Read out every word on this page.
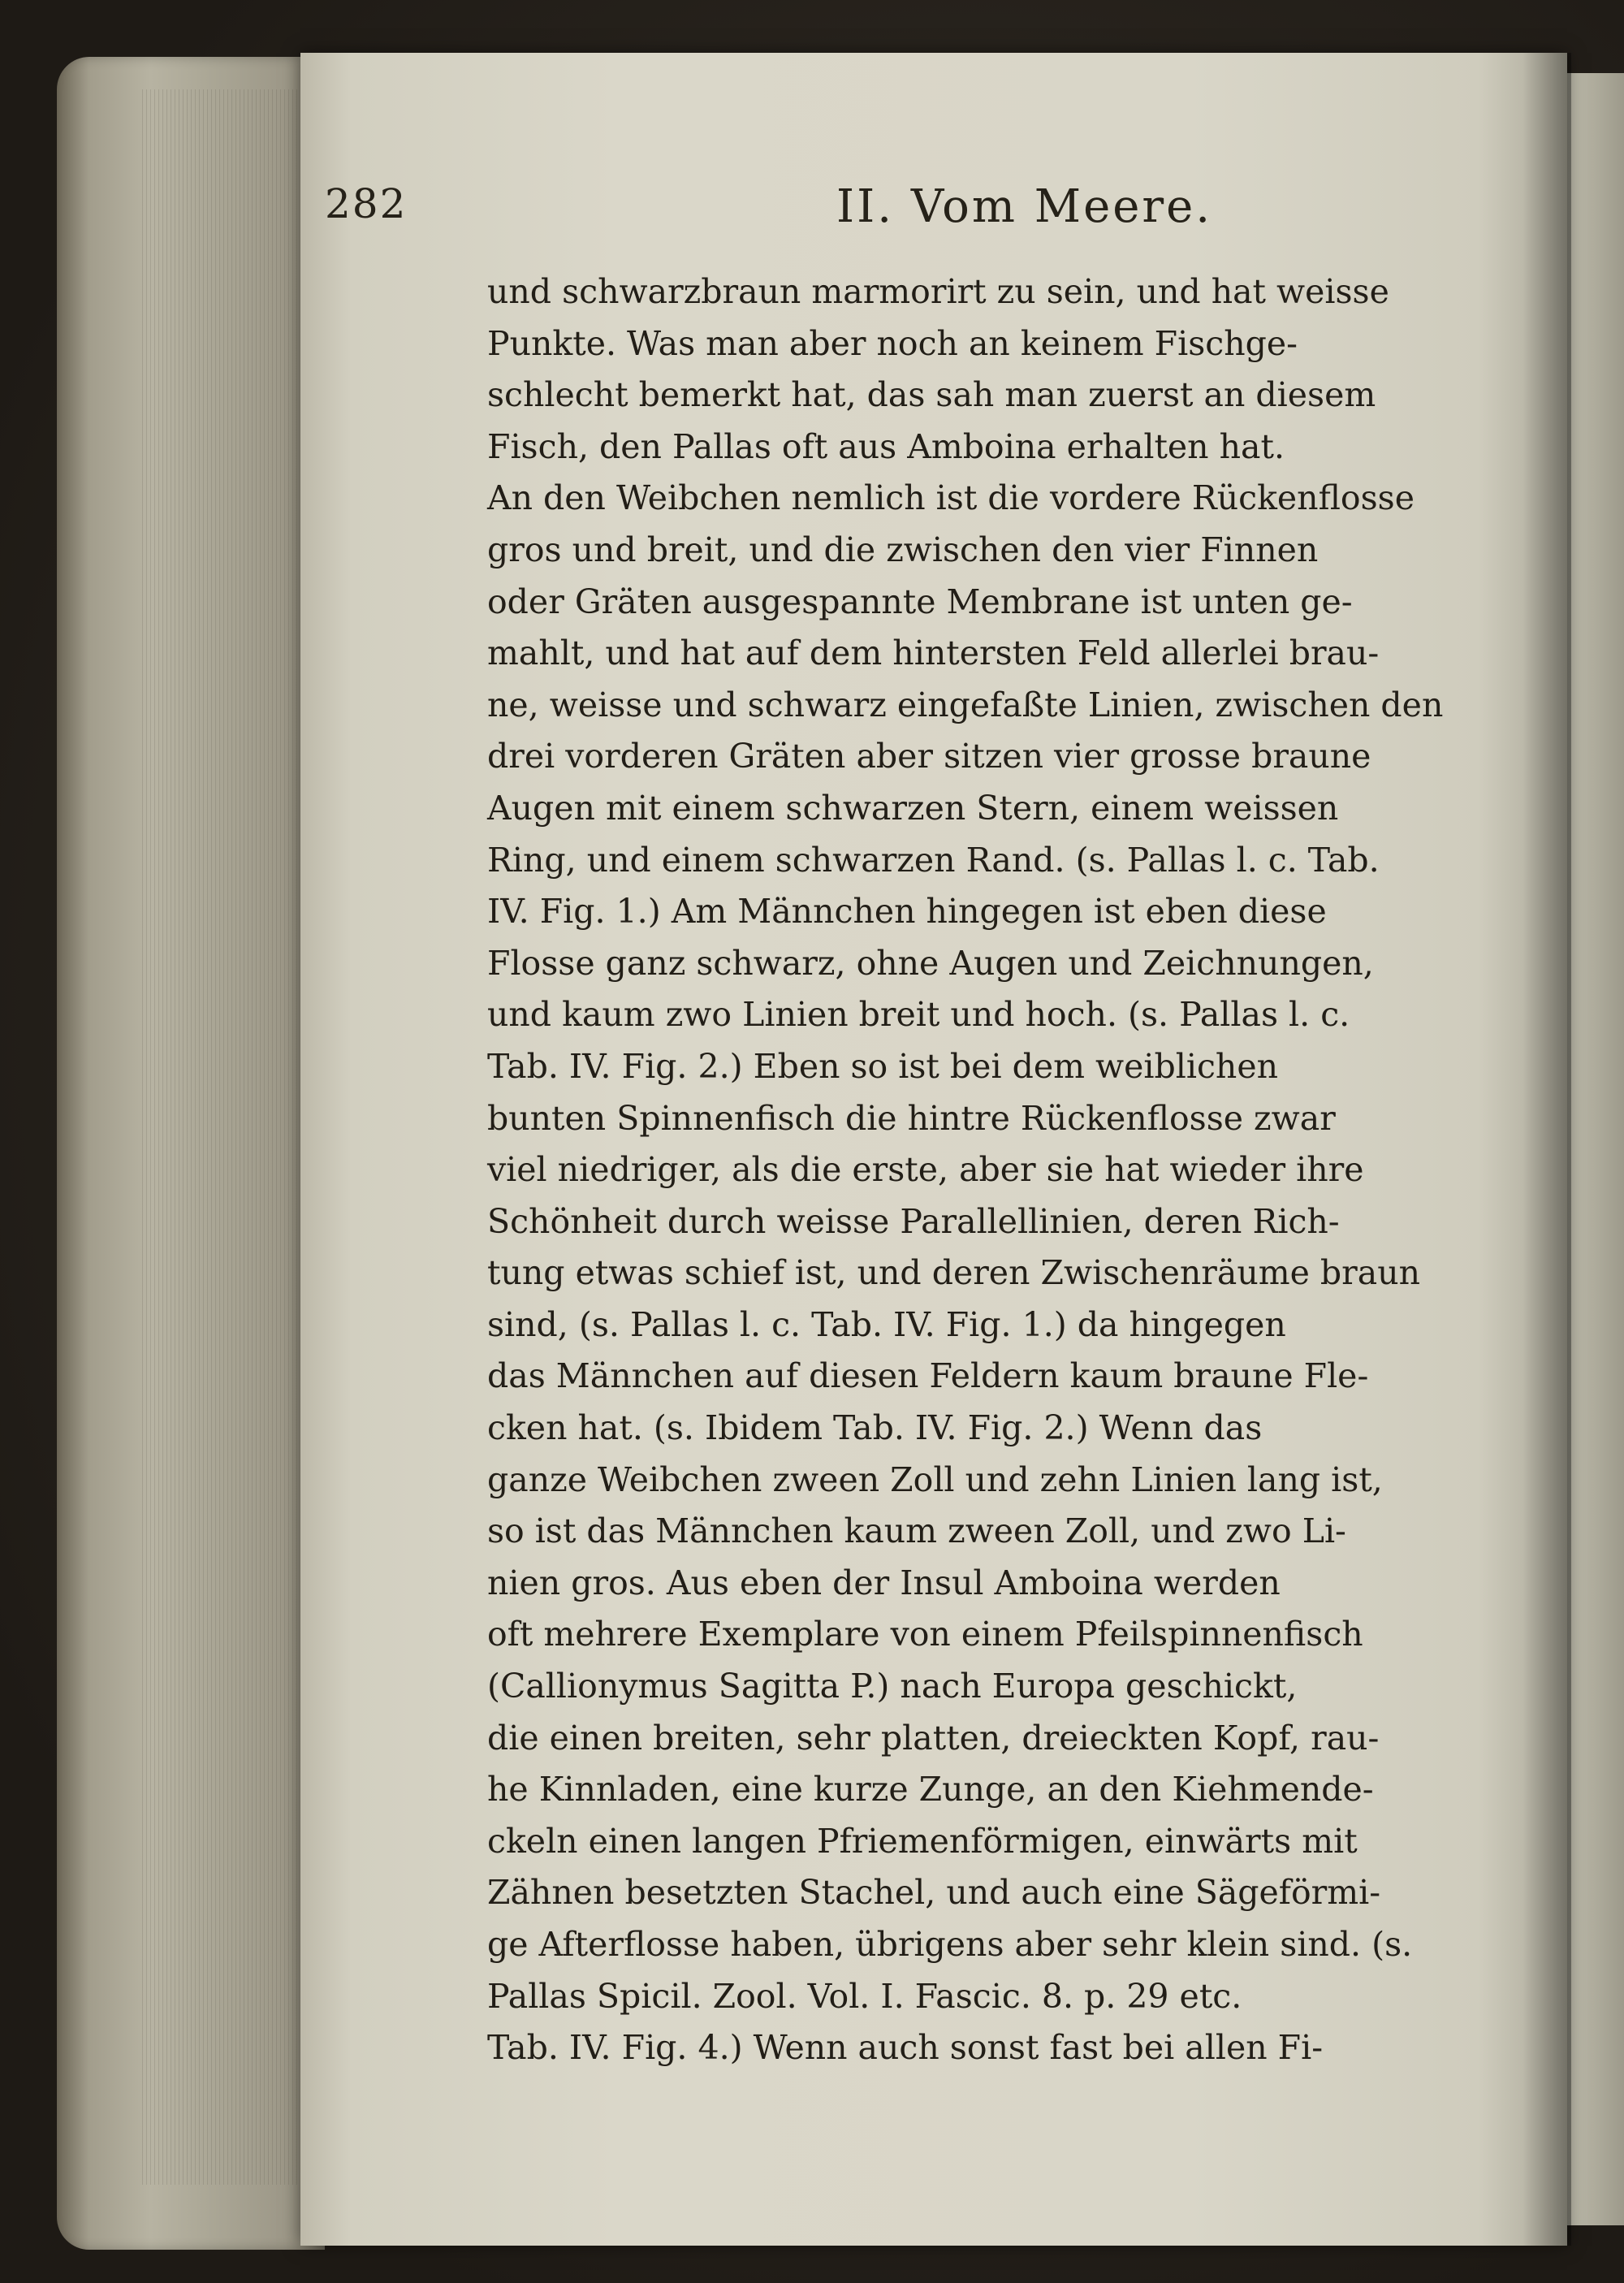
282	II. Vom Meere.
und schwarzbraun marmorirt zu sein, und hat weisse
Punkte. Was man aber noch an keinem Fischge-
schlecht bemerkt hat, das sah man zuerst an diesem
Fisch, den Pallas oft aus Amboina erhalten hat.
An den Weibchen nemlich ist die vordere Rückenflosse
gros und breit, und die zwischen den vier Finnen
oder Gräten ausgespannte Membrane ist unten ge-
mahlt, und hat auf dem hintersten Feld allerlei brau-
ne, weisse und schwarz eingefaßte Linien, zwischen den
drei vorderen Gräten aber sitzen vier grosse braune
Augen mit einem schwarzen Stern, einem weissen
Ring, und einem schwarzen Rand. (s. Pallas l. c. Tab.
IV. Fig. 1.) Am Männchen hingegen ist eben diese
Flosse ganz schwarz, ohne Augen und Zeichnungen,
und kaum zwo Linien breit und hoch. (s. Pallas l. c.
Tab. IV. Fig. 2.) Eben so ist bei dem weiblichen
bunten Spinnenfisch die hintre Rückenflosse zwar
viel niedriger, als die erste, aber sie hat wieder ihre
Schönheit durch weisse Parallellinien, deren Rich-
tung etwas schief ist, und deren Zwischenräume braun
sind, (s. Pallas l. c. Tab. IV. Fig. 1.) da hingegen
das Männchen auf diesen Feldern kaum braune Fle-
cken hat. (s. Ibidem Tab. IV. Fig. 2.) Wenn das
ganze Weibchen zween Zoll und zehn Linien lang ist,
so ist das Männchen kaum zween Zoll, und zwo Li-
nien gros. Aus eben der Insul Amboina werden
oft mehrere Exemplare von einem Pfeilspinnenfisch
(Callionymus Sagitta P.) nach Europa geschickt,
die einen breiten, sehr platten, dreieckten Kopf, rau-
he Kinnladen, eine kurze Zunge, an den Kiehmende-
ckeln einen langen Pfriemenförmigen, einwärts mit
Zähnen besetzten Stachel, und auch eine Sägeförmi-
ge Afterflosse haben, übrigens aber sehr klein sind. (s.
Pallas Spicil. Zool. Vol. I. Fascic. 8. p. 29 etc.
Tab. IV. Fig. 4.) Wenn auch sonst fast bei allen Fi-
